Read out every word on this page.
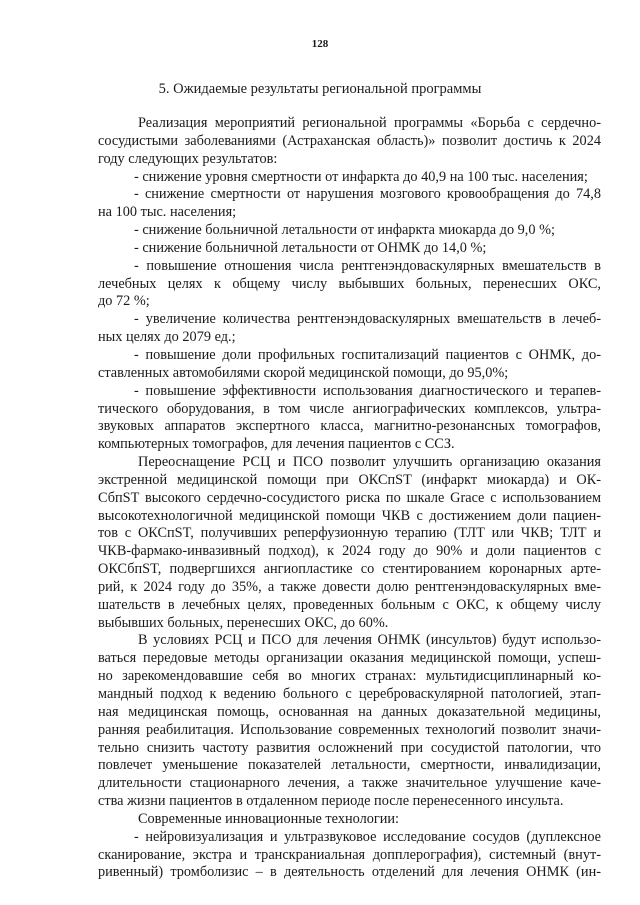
128
5. Ожидаемые результаты региональной программы
Реализация мероприятий региональной программы «Борьба с сердечно-
сосудистыми заболеваниями (Астраханская область)» позволит достичь к 2024
году следующих результатов:
- снижение уровня смертности от инфаркта до 40,9 на 100 тыс. населения;
- снижение смертности от нарушения мозгового кровообращения до 74,8
на 100 тыс. населения;
- снижение больничной летальности от инфаркта миокарда до 9,0 %;
- снижение больничной летальности от ОНМК до 14,0 %;
- повышение отношения числа рентгенэндоваскулярных вмешательств в
лечебных целях к общему числу выбывших больных, перенесших ОКС,
до 72 %;
- увеличение количества рентгенэндоваскулярных вмешательств в лечеб-
ных целях до 2079 ед.;
- повышение доли профильных госпитализаций пациентов с ОНМК, до-
ставленных автомобилями скорой медицинской помощи, до 95,0%;
- повышение эффективности использования диагностического и терапев-
тического оборудования, в том числе ангиографических комплексов, ультра-
звуковых аппаратов экспертного класса, магнитно-резонансных томографов,
компьютерных томографов, для лечения пациентов с ССЗ.
Переоснащение РСЦ и ПСО позволит улучшить организацию оказания
экстренной медицинской помощи при ОКСпST (инфаркт миокарда) и ОК-
СбпST высокого сердечно-сосудистого риска по шкале Grace с использованием
высокотехнологичной медицинской помощи ЧКВ с достижением доли пациен-
тов с ОКСпST, получивших реперфузионную терапию (ТЛТ или ЧКВ; ТЛТ и
ЧКВ-фармако-инвазивный подход), к 2024 году до 90% и доли пациентов с
ОКСбпST, подвергшихся ангиопластике со стентированием коронарных арте-
рий, к 2024 году до 35%, а также довести долю рентгенэндоваскулярных вме-
шательств в лечебных целях, проведенных больным с ОКС, к общему числу
выбывших больных, перенесших ОКС, до 60%.
В условиях РСЦ и ПСО для лечения ОНМК (инсультов) будут использо-
ваться передовые методы организации оказания медицинской помощи, успеш-
но зарекомендовавшие себя во многих странах: мультидисциплинарный ко-
мандный подход к ведению больного с цереброваскулярной патологией, этап-
ная медицинская помощь, основанная на данных доказательной медицины,
ранняя реабилитация. Использование современных технологий позволит значи-
тельно снизить частоту развития осложнений при сосудистой патологии, что
повлечет уменьшение показателей летальности, смертности, инвалидизации,
длительности стационарного лечения, а также значительное улучшение каче-
ства жизни пациентов в отдаленном периоде после перенесенного инсульта.
Современные инновационные технологии:
- нейровизуализация и ультразвуковое исследование сосудов (дуплексное
сканирование, экстра и транскраниальная допплерография), системный (внут-
ривенный) тромболизис – в деятельность отделений для лечения ОНМК (ин-
